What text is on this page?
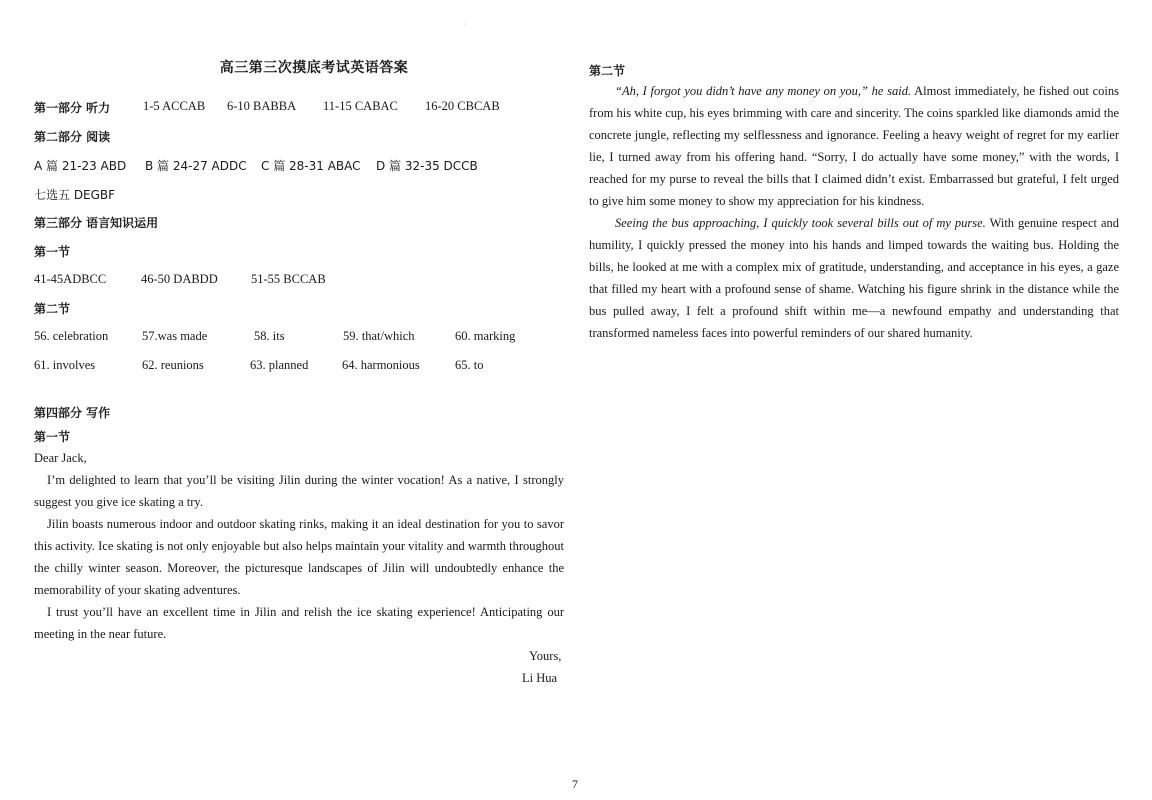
高三第三次摸底考试英语答案
第一部分 听力	1-5 ACCAB 6-10 BABBA 11-15 CABAC 16-20 CBCAB
第二部分 阅读
A 篇 21-23 ABD B 篇 24-27 ADDC C 篇 28-31 ABAC D 篇 32-35 DCCB
七选五 DEGBF
第三部分 语言知识运用
第一节
41-45ADBCC	46-50 DABDD	51-55 BCCAB
第二节
56. celebration	57.was made	58. its	59. that/which	60. marking
61. involves	62. reunions	63. planned	64. harmonious	65. to
第四部分 写作
第一节
Dear Jack,

I’m delighted to learn that you’ll be visiting Jilin during the winter vocation! As a native, I strongly suggest you give ice skating a try.

Jilin boasts numerous indoor and outdoor skating rinks, making it an ideal destination for you to savor this activity. Ice skating is not only enjoyable but also helps maintain your vitality and warmth throughout the chilly winter season. Moreover, the picturesque landscapes of Jilin will undoubtedly enhance the memorability of your skating adventures.

I trust you’ll have an excellent time in Jilin and relish the ice skating experience! Anticipating our meeting in the near future.

Yours,
Li Hua
第二节

“Ah, I forgot you didn’t have any money on you,” he said. Almost immediately, he fished out coins from his white cup, his eyes brimming with care and sincerity. The coins sparkled like diamonds amid the concrete jungle, reflecting my selflessness and ignorance. Feeling a heavy weight of regret for my earlier lie, I turned away from his offering hand. “Sorry, I do actually have some money,” with the words, I reached for my purse to reveal the bills that I claimed didn’t exist. Embarrassed but grateful, I felt urged to give him some money to show my appreciation for his kindness.

Seeing the bus approaching, I quickly took several bills out of my purse. With genuine respect and humility, I quickly pressed the money into his hands and limped towards the waiting bus. Holding the bills, he looked at me with a complex mix of gratitude, understanding, and acceptance in his eyes, a gaze that filled my heart with a profound sense of shame. Watching his figure shrink in the distance while the bus pulled away, I felt a profound shift within me—a newfound empathy and understanding that transformed nameless faces into powerful reminders of our shared humanity.

·
7
